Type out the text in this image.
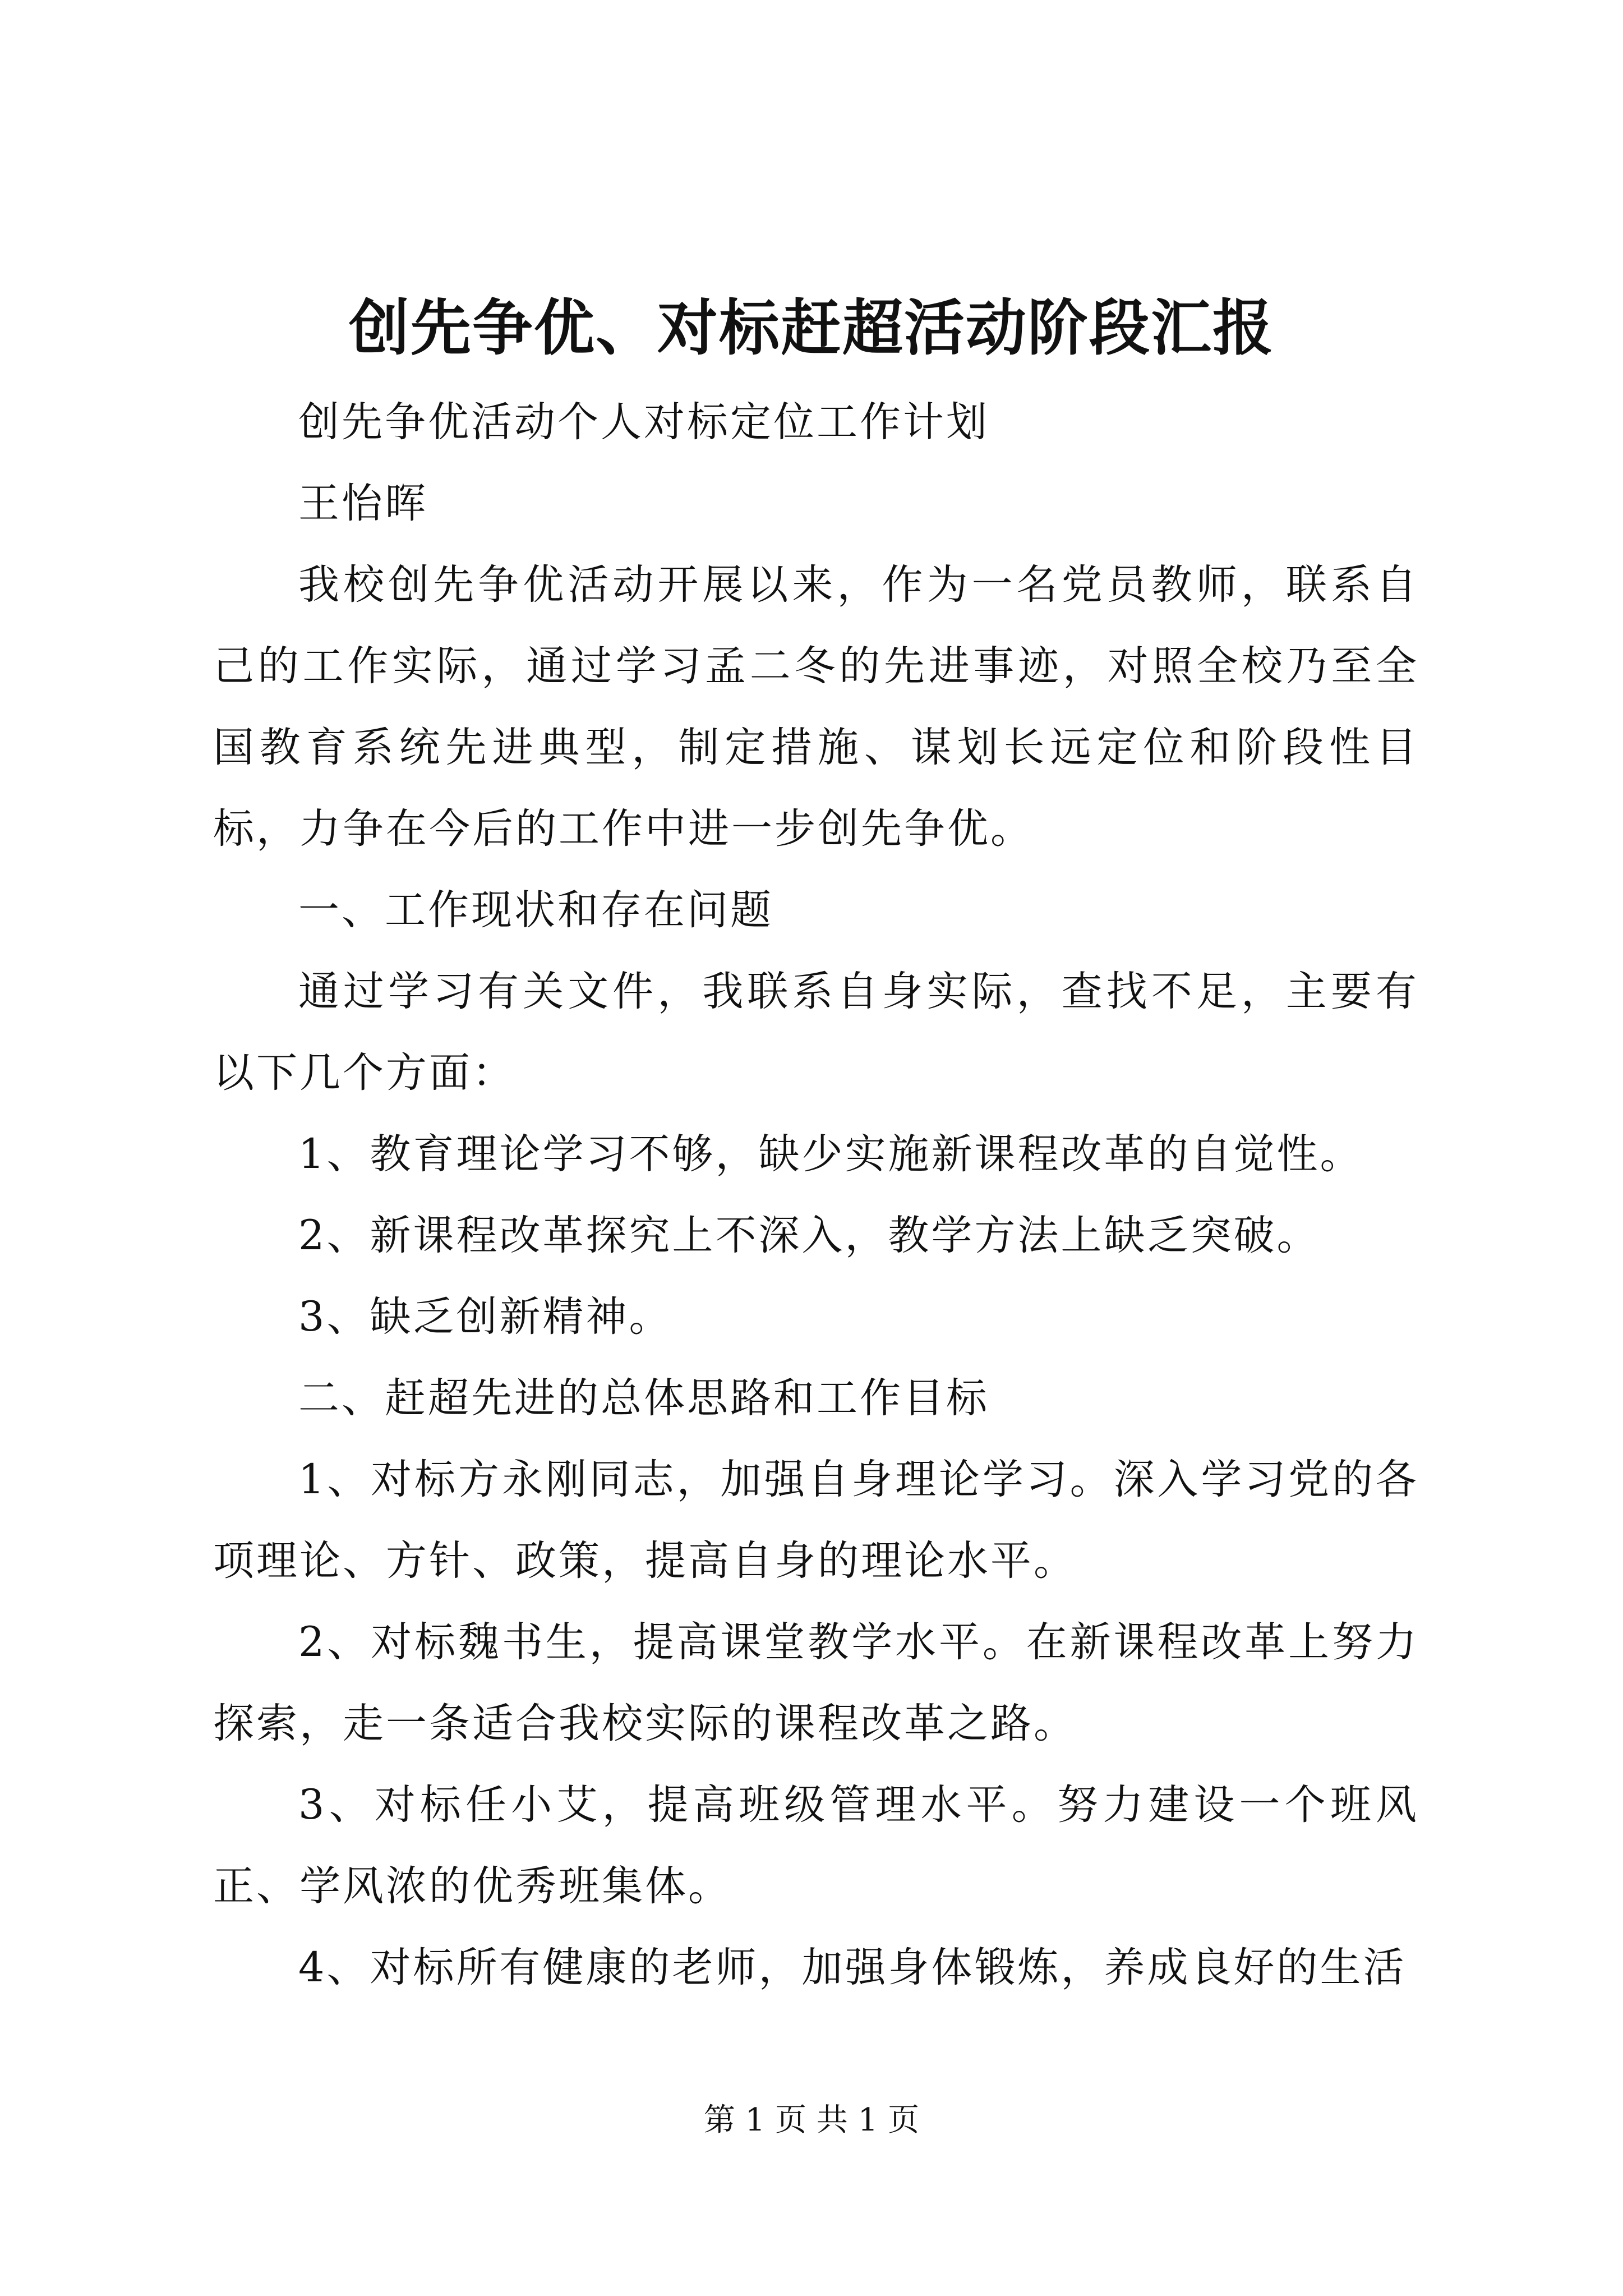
创先争优、对标赶超活动阶段汇报

创先争优活动个人对标定位工作计划

王怡晖

我校创先争优活动开展以来，作为一名党员教师，联系自己的工作实际，通过学习孟二冬的先进事迹，对照全校乃至全国教育系统先进典型，制定措施、谋划长远定位和阶段性目标，力争在今后的工作中进一步创先争优。

一、工作现状和存在问题

通过学习有关文件，我联系自身实际，查找不足，主要有以下几个方面：

1、教育理论学习不够，缺少实施新课程改革的自觉性。

2、新课程改革探究上不深入，教学方法上缺乏突破。

3、缺乏创新精神。

二、赶超先进的总体思路和工作目标

1、对标方永刚同志，加强自身理论学习。深入学习党的各项理论、方针、政策，提高自身的理论水平。

2、对标魏书生，提高课堂教学水平。在新课程改革上努力探索，走一条适合我校实际的课程改革之路。

3、对标任小艾，提高班级管理水平。努力建设一个班风正、学风浓的优秀班集体。

4、对标所有健康的老师，加强身体锻炼，养成良好的生活

第 1 页 共 1 页
